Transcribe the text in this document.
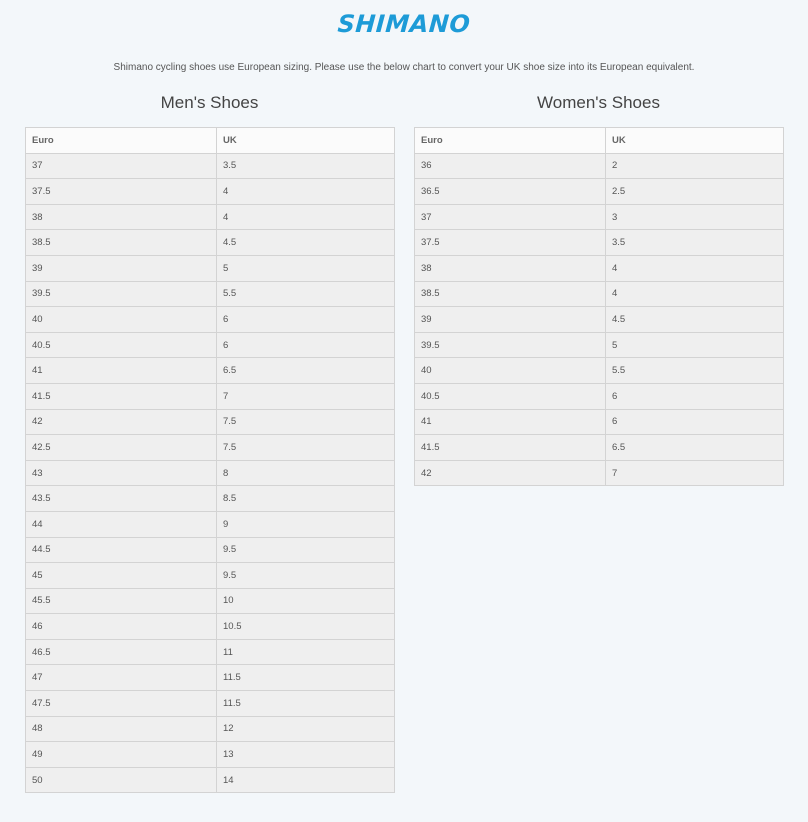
SHIMANO
Shimano cycling shoes use European sizing. Please use the below chart to convert your UK shoe size into its European equivalent.
Men's Shoes	Women's Shoes
Euro	UK
37	3.5
37.5	4
38	4
38.5	4.5
39	5
39.5	5.5
40	6
40.5	6
41	6.5
41.5	7
42	7.5
42.5	7.5
43	8
43.5	8.5
44	9
44.5	9.5
45	9.5
45.5	10
46	10.5
46.5	11
47	11.5
47.5	11.5
48	12
49	13
50	14
Euro	UK
36	2
36.5	2.5
37	3
37.5	3.5
38	4
38.5	4
39	4.5
39.5	5
40	5.5
40.5	6
41	6
41.5	6.5
42	7
